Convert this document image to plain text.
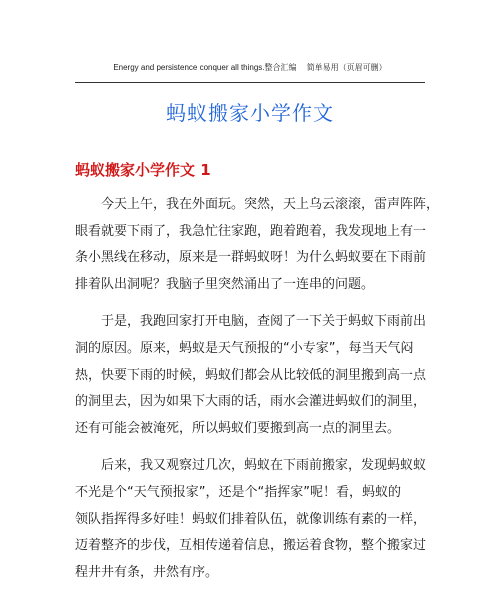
Energy and persistence conquer all things.整合汇编 简单易用（页眉可删）
蚂蚁搬家小学作文
蚂蚁搬家小学作文 1
今天上午，我在外面玩。突然，天上乌云滚滚，雷声阵阵，
眼看就要下雨了，我急忙往家跑，跑着跑着，我发现地上有一
条小黑线在移动，原来是一群蚂蚁呀！为什么蚂蚁要在下雨前
排着队出洞呢？我脑子里突然涌出了一连串的问题。
于是，我跑回家打开电脑，查阅了一下关于蚂蚁下雨前出
洞的原因。原来，蚂蚁是天气预报的“小专家”，每当天气闷
热，快要下雨的时候，蚂蚁们都会从比较低的洞里搬到高一点
的洞里去，因为如果下大雨的话，雨水会灌进蚂蚁们的洞里，
还有可能会被淹死，所以蚂蚁们要搬到高一点的洞里去。
后来，我又观察过几次，蚂蚁在下雨前搬家，发现蚂蚁蚁
不光是个“天气预报家”，还是个“指挥家”呢！看，蚂蚁的
领队指挥得多好哇！蚂蚁们排着队伍，就像训练有素的一样，
迈着整齐的步伐，互相传递着信息，搬运着食物，整个搬家过
程井井有条，井然有序。
